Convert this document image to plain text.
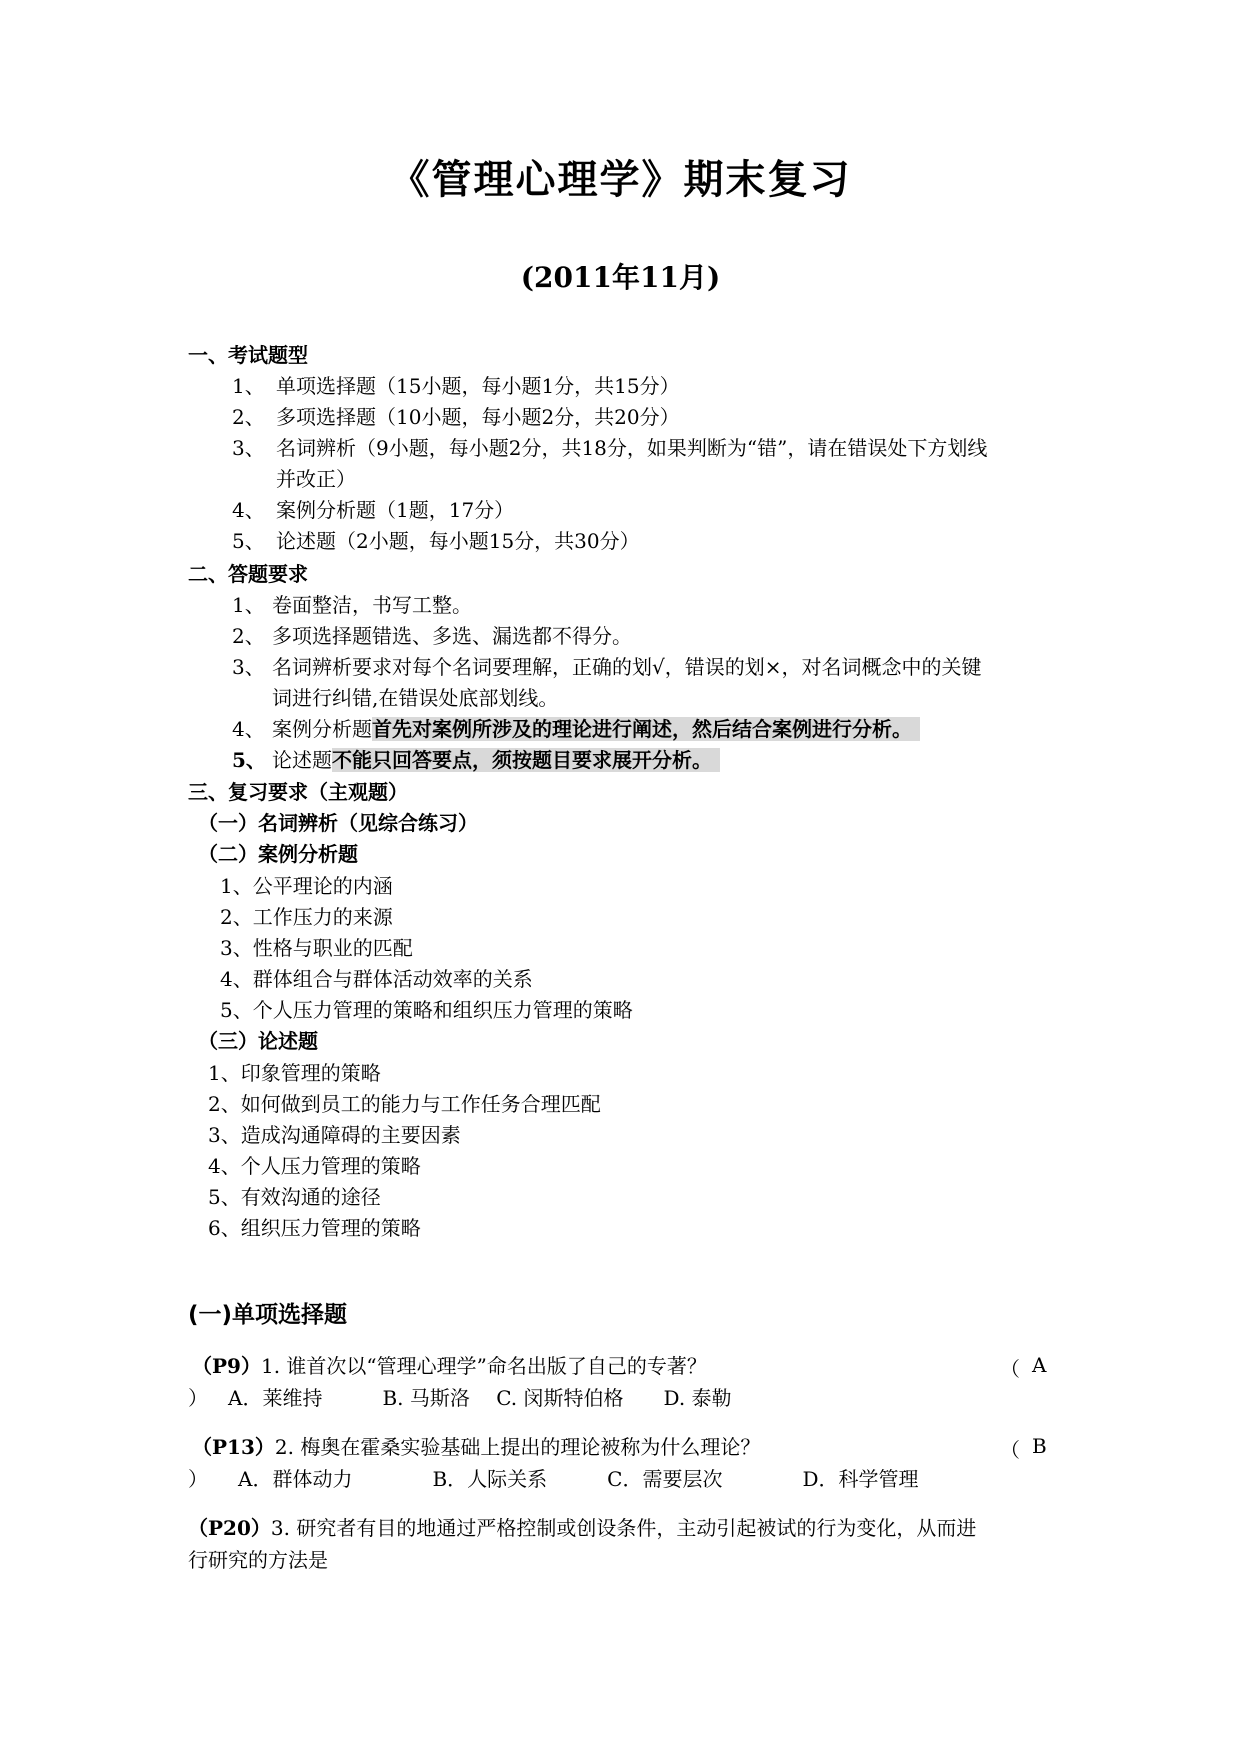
《管理心理学》期末复习
(2011年11月)
一、考试题型
1、 单项选择题（15小题，每小题1分，共15分）
2、 多项选择题（10小题，每小题2分，共20分）
3、 名词辨析（9小题，每小题2分，共18分，如果判断为“错”，请在错误处下方划线
并改正）
4、 案例分析题（1题，17分）
5、 论述题（2小题，每小题15分，共30分）
二、答题要求
1、 卷面整洁，书写工整。
2、 多项选择题错选、多选、漏选都不得分。
3、 名词辨析要求对每个名词要理解，正确的划√，错误的划×，对名词概念中的关键
词进行纠错,在错误处底部划线。
4、 案例分析题首先对案例所涉及的理论进行阐述，然后结合案例进行分析。
5、 论述题不能只回答要点，须按题目要求展开分析。
三、复习要求（主观题）
（一）名词辨析（见综合练习）
（二）案例分析题
1、公平理论的内涵
2、工作压力的来源
3、性格与职业的匹配
4、群体组合与群体活动效率的关系
5、个人压力管理的策略和组织压力管理的策略
（三）论述题
1、印象管理的策略
2、如何做到员工的能力与工作任务合理匹配
3、造成沟通障碍的主要因素
4、个人压力管理的策略
5、有效沟通的途径
6、组织压力管理的策略
(一)单项选择题
（P9）1. 谁首次以“管理心理学”命名出版了自己的专著？	（ A
） A．莱维持　　　B. 马斯洛　 C. 闵斯特伯格　　D. 泰勒
（P13）2. 梅奥在霍桑实验基础上提出的理论被称为什么理论？	（ B
） A．群体动力　　　　B．人际关系　　　C．需要层次　　　　D．科学管理
（P20）3. 研究者有目的地通过严格控制或创设条件，主动引起被试的行为变化，从而进
行研究的方法是
